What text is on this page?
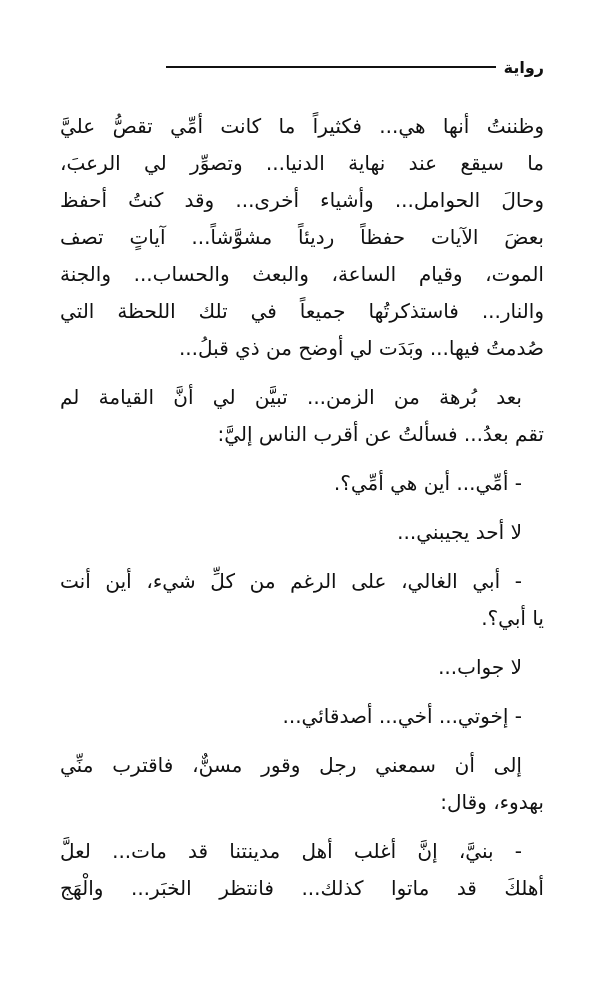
رواية

وظننتُ أنها هي... فكثيراً ما كانت أمِّي تقصُّ عليَّ
ما سيقع عند نهاية الدنيا... وتصوِّر لي الرعبَ،
وحالَ الحوامل... وأشياء أخرى... وقد كنتُ أحفظ
بعضَ الآيات حفظاً رديئاً مشوَّشاً... آياتٍ تصف
الموت، وقيام الساعة، والبعث والحساب... والجنة
والنار... فاستذكرتُها جميعاً في تلك اللحظة التي
صُدمتُ فيها... وبَدَت لي أوضح من ذي قبلُ...

بعد بُرهة من الزمن... تبيَّن لي أنَّ القيامة لم
تقم بعدُ... فسألتُ عن أقرب الناس إليَّ:

- أمِّي... أين هي أمِّي؟.

لا أحد يجيبني...

- أبي الغالي، على الرغم من كلِّ شيء، أين أنت
يا أبي؟.

لا جواب...

- إخوتي... أخي... أصدقائي...

إلى أن سمعني رجل وقور مسنٌّ، فاقترب منِّي
بهدوء، وقال:

- بنيَّ، إنَّ أغلب أهل مدينتنا قد مات... لعلَّ
أهلكَ قد ماتوا كذلك... فانتظر الخبَر... والْهَج
